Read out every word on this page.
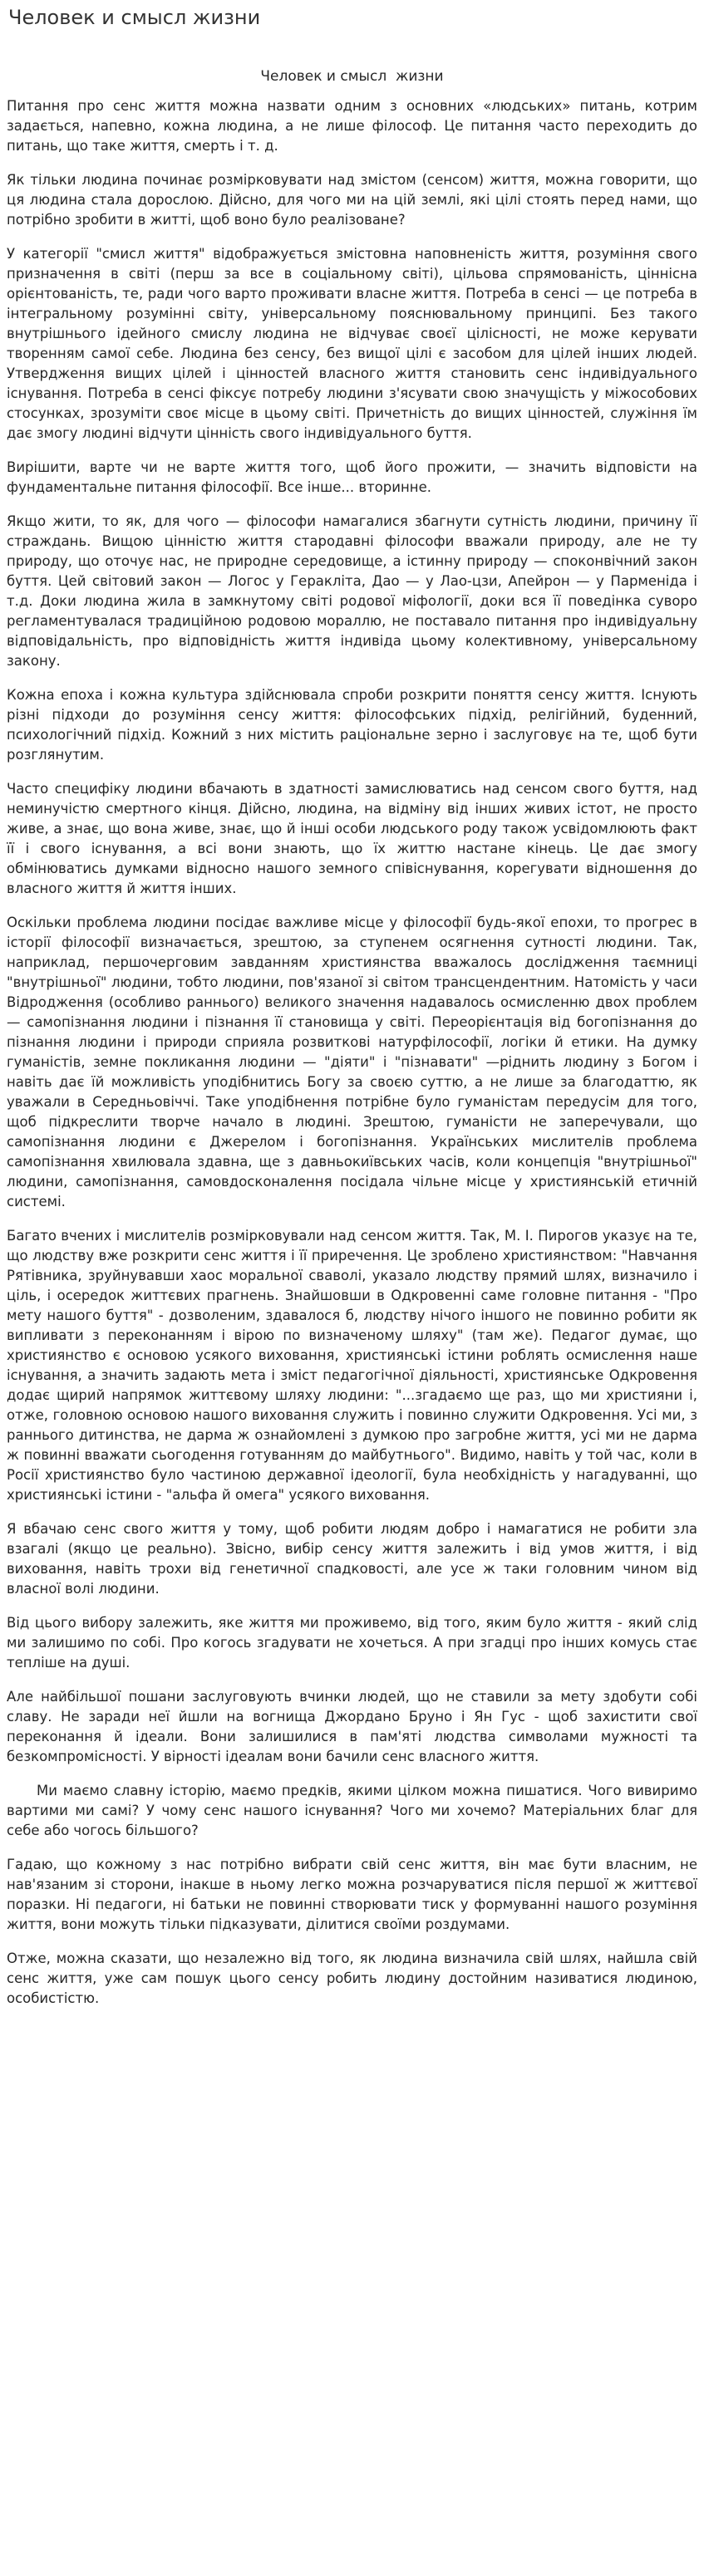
Человек и смысл жизни
Человек и смысл  жизни

Питання про сенс життя можна назвати одним з основних «людських» питань, котрим задається, напевно, кожна людина, а не лише філософ. Це питання часто переходить до питань, що таке життя, смерть і т. д.

Як тільки людина починає розмірковувати над змістом (сенсом) життя, можна говорити, що ця людина стала дорослою. Дійсно, для чого ми на цій землі, які цілі стоять перед нами, що потрібно зробити в житті, щоб воно було реалізоване?

У категорії "смисл життя" відображується змістовна наповненість життя, розуміння свого призначення в світі (перш за все в соціальному світі), цільова спрямованість, ціннісна орієнтованість, те, ради чого варто проживати власне життя. Потреба в сенсі — це потреба в інтегральному розумінні світу, універсальному пояснювальному принципі. Без такого внутрішнього ідейного смислу людина не відчуває своєї цілісності, не може керувати творенням самої себе. Людина без сенсу, без вищої цілі є засобом для цілей інших людей. Утвердження вищих цілей і цінностей власного життя становить сенс індивідуального існування. Потреба в сенсі фіксує потребу людини з'ясувати свою значущість у міжособових стосунках, зрозуміти своє місце в цьому світі. Причетність до вищих цінностей, служіння їм дає змогу людині відчути цінність свого індивідуального буття.

Вирішити, варте чи не варте життя того, щоб його прожити, — значить відповісти на фундаментальне питання філософії. Все інше... вторинне.

Якщо жити, то як, для чого — філософи намагалися збагнути сутність людини, причину її страждань. Вищою цінністю життя стародавні філософи вважали природу, але не ту природу, що оточує нас, не природне середовище, а істинну природу — споконвічний закон буття. Цей світовий закон — Логос у Геракліта, Дао — у Лао-цзи, Апейрон — у Парменіда і т.д. Доки людина жила в замкнутому світі родової міфології, доки вся її поведінка суворо регламентувалася традиційною родовою мораллю, не поставало питання про індивідуальну відповідальність, про відповідність життя індивіда цьому колективному, універсальному закону.

Кожна епоха і кожна культура здійснювала спроби розкрити поняття сенсу життя. Існують різні підходи до розуміння сенсу життя: філософських підхід, релігійний, буденний, психологічний підхід. Кожний з них містить раціональне зерно і заслуговує на те, щоб бути розглянутим.

Часто специфіку людини вбачають в здатності замислюватись над сенсом свого буття, над неминучістю смертного кінця. Дійсно, людина, на відміну від інших живих істот, не просто живе, а знає, що вона живе, знає, що й інші особи людського роду також усвідомлюють факт її і свого існування, а всі вони знають, що їх життю настане кінець. Це дає змогу обмінюватись думками відносно нашого земного співіснування, корегувати відношення до власного життя й життя інших.

Оскільки проблема людини посідає важливе місце у філософії будь-якої епохи, то прогрес в історії філософії визначається, зрештою, за ступенем осягнення сутності людини. Так, наприклад, першочерговим завданням християнства вважалось дослідження таємниці "внутрішньої" людини, тобто людини, пов'язаної зі світом трансцендентним. Натомість у часи Відродження (особливо раннього) великого значення надавалось осмисленню двох проблем — самопізнання людини і пізнання її становища у світі. Переорієнтація від богопізнання до пізнання людини і природи сприяла розвиткові натурфілософії, логіки й етики. На думку гуманістів, земне покликання людини — "діяти" і "пізнавати" —ріднить людину з Богом і навіть дає їй можливість уподібнитись Богу за своєю суттю, а не лише за благодаттю, як уважали в Середньовіччі. Таке уподібнення потрібне було гуманістам передусім для того, щоб підкреслити творче начало в людині. Зрештою, гуманісти не заперечували, що самопізнання людини є Джерелом і богопізнання. Українських мислителів проблема самопізнання хвилювала здавна, ще з давньокиївських часів, коли концепція "внутрішньої" людини, самопізнання, самовдосконалення посідала чільне місце у християнській етичній системі.

Багато вчених і мислителів розмірковували над сенсом життя. Так, М. І. Пирогов указує на те, що людству вже розкрити сенс життя і її приречення. Це зроблено християнством: "Навчання Рятівника, зруйнувавши хаос моральної сваволі, указало людству прямий шлях, визначило і ціль, і осередок життєвих прагнень. Знайшовши в Одкровенні саме головне питання - "Про мету нашого буття" - дозволеним, здавалося б, людству нічого іншого не повинно робити як випливати з переконанням і вірою по визначеному шляху" (там же). Педагог думає, що християнство є основою усякого виховання, християнські істини роблять осмислення наше існування, а значить задають мета і зміст педагогічної діяльності, християнське Одкровення додає щирий напрямок життєвому шляху людини: "...згадаємо ще раз, що ми християни і, отже, головною основою нашого виховання служить і повинно служити Одкровення. Усі ми, з раннього дитинства, не дарма ж ознайомлені з думкою про загробне життя, усі ми не дарма ж повинні вважати сьогодення готуванням до майбутнього". Видимо, навіть у той час, коли в Росії християнство було частиною державної ідеології, була необхідність у нагадуванні, що християнські істини - "альфа й омега" усякого виховання.

Я вбачаю сенс свого життя у тому, щоб робити людям добро і намагатися не робити зла взагалі (якщо це реально). Звісно, вибір сенсу життя залежить і від умов життя, і від виховання, навіть трохи від генетичної спадковості, але усе ж таки головним чином від власної волі людини.

Від цього вибору залежить, яке життя ми проживемо, від того, яким було життя - який слід ми залишимо по собі. Про когось згадувати не хочеться. А при згадці про інших комусь стає тепліше на душі.

Але найбільшої пошани заслуговують вчинки людей, що не ставили за мету здобути собі славу. Не заради неї йшли на вогнища Джордано Бруно і Ян Гус - щоб захистити свої переконання й ідеали. Вони залишилися в пам'яті людства символами мужності та безкомпромісності. У вірності ідеалам вони бачили сенс власного життя.

Ми маємо славну історію, маємо предків, якими цілком можна пишатися. Чого вивиримо вартими ми самі? У чому сенс нашого існування? Чого ми хочемо? Матеріальних благ для себе або чогось більшого?

Гадаю, що кожному з нас потрібно вибрати свій сенс життя, він має бути власним, не нав'язаним зі сторони, інакше в ньому легко можна розчаруватися після першої ж життєвої поразки. Ні педагоги, ні батьки не повинні створювати тиск у формуванні нашого розуміння життя, вони можуть тільки підказувати, ділитися своїми роздумами.

Отже, можна сказати, що незалежно від того, як людина визначила свій шлях, найшла свій сенс життя, уже сам пошук цього сенсу робить людину достойним називатися людиною, особистістю.
